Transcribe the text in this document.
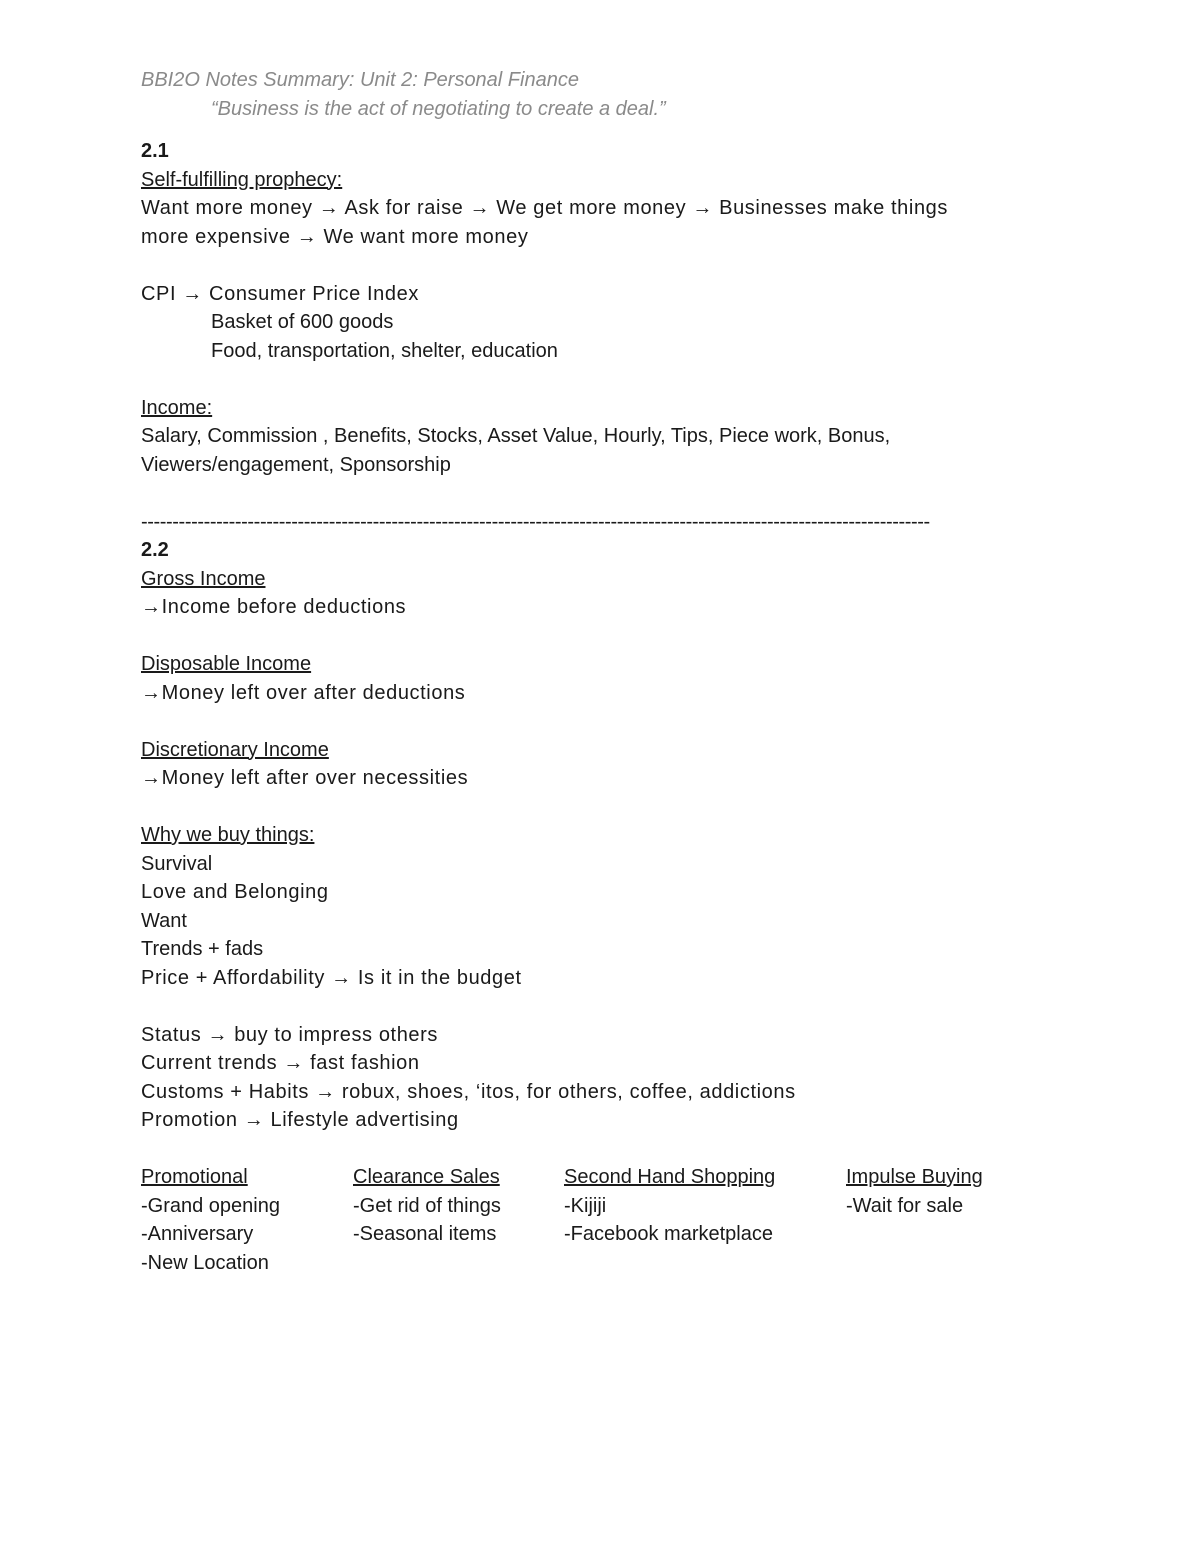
BBI2O Notes Summary: Unit 2: Personal Finance
“Business is the act of negotiating to create a deal.”
2.1
Self-fulfilling prophecy:
Want more money → Ask for raise → We get more money → Businesses make things
more expensive → We want more money
CPI → Consumer Price Index
Basket of 600 goods
Food, transportation, shelter, education
Income:
Salary, Commission , Benefits, Stocks, Asset Value, Hourly, Tips, Piece work, Bonus,
Viewers/engagement, Sponsorship
------------------------------------------------------------------------------------------------------------------------------
2.2
Gross Income
→Income before deductions
Disposable Income
→Money left over after deductions
Discretionary Income
→Money left after over necessities
Why we buy things:
Survival
Love and Belonging
Want
Trends + fads
Price + Affordability → Is it in the budget
Status → buy to impress others
Current trends → fast fashion
Customs + Habits → robux, shoes, ‘itos, for others, coffee, addictions
Promotion → Lifestyle advertising
Promotional	Clearance Sales	Second Hand Shopping	Impulse Buying
-Grand opening	-Get rid of things	-Kijiji	-Wait for sale
-Anniversary	-Seasonal items	-Facebook marketplace	
-New Location			
